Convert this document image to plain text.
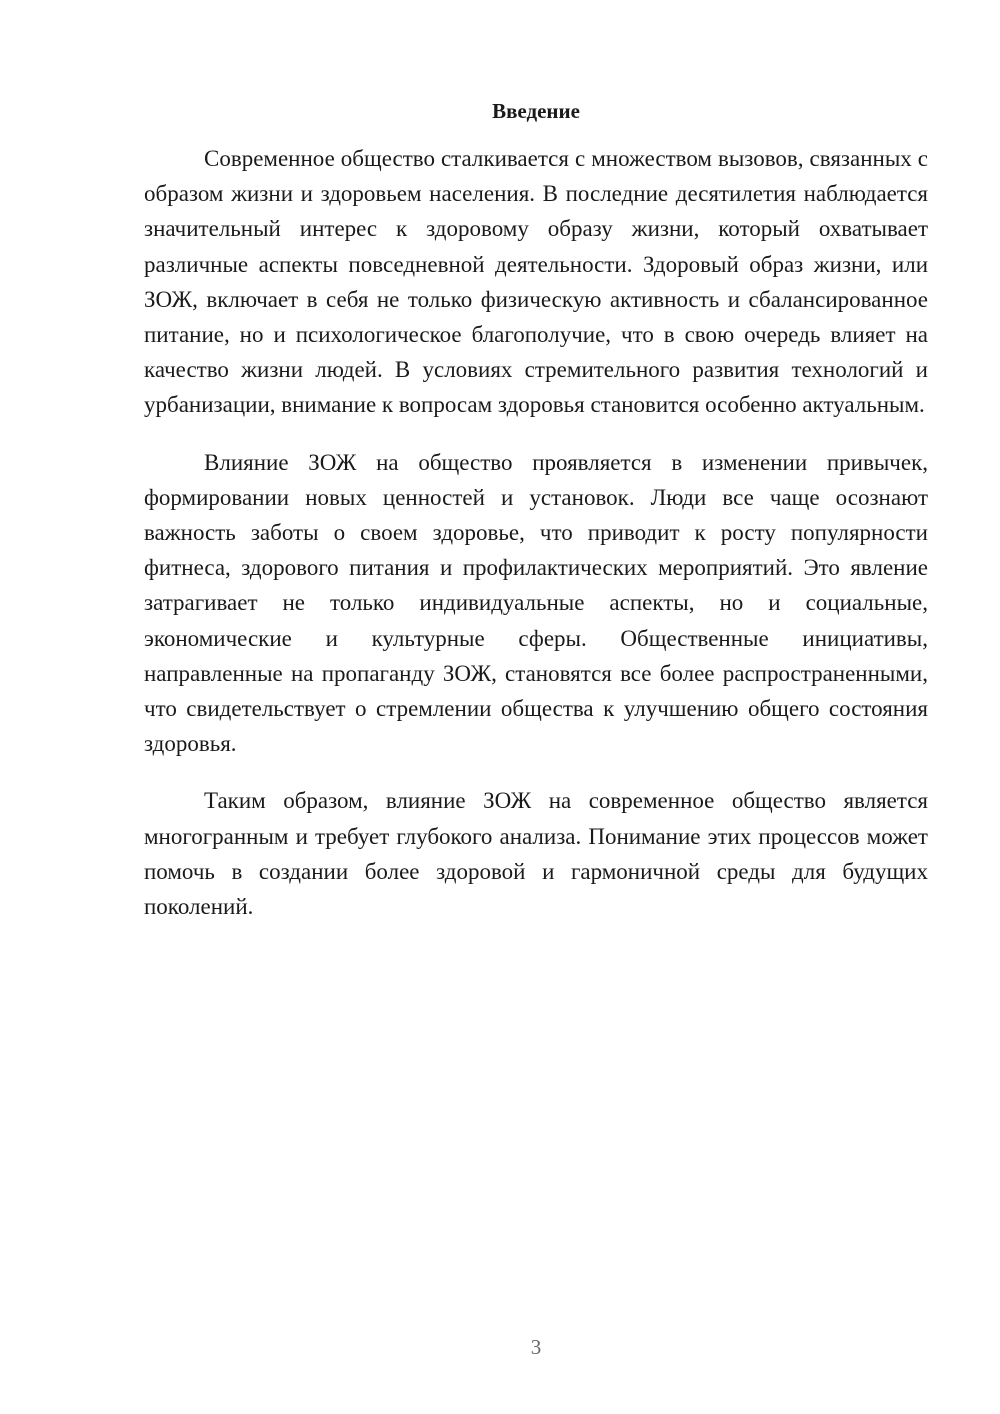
Введение

Современное общество сталкивается с множеством вызовов, связанных с образом жизни и здоровьем населения. В последние десятилетия наблюдается значительный интерес к здоровому образу жизни, который охватывает различные аспекты повседневной деятельности. Здоровый образ жизни, или ЗОЖ, включает в себя не только физическую активность и сбалансированное питание, но и психологическое благополучие, что в свою очередь влияет на качество жизни людей. В условиях стремительного развития технологий и урбанизации, внимание к вопросам здоровья становится особенно актуальным.

Влияние ЗОЖ на общество проявляется в изменении привычек, формировании новых ценностей и установок. Люди все чаще осознают важность заботы о своем здоровье, что приводит к росту популярности фитнеса, здорового питания и профилактических мероприятий. Это явление затрагивает не только индивидуальные аспекты, но и социальные, экономические и культурные сферы. Общественные инициативы, направленные на пропаганду ЗОЖ, становятся все более распространенными, что свидетельствует о стремлении общества к улучшению общего состояния здоровья.

Таким образом, влияние ЗОЖ на современное общество является многогранным и требует глубокого анализа. Понимание этих процессов может помочь в создании более здоровой и гармоничной среды для будущих поколений.

3
